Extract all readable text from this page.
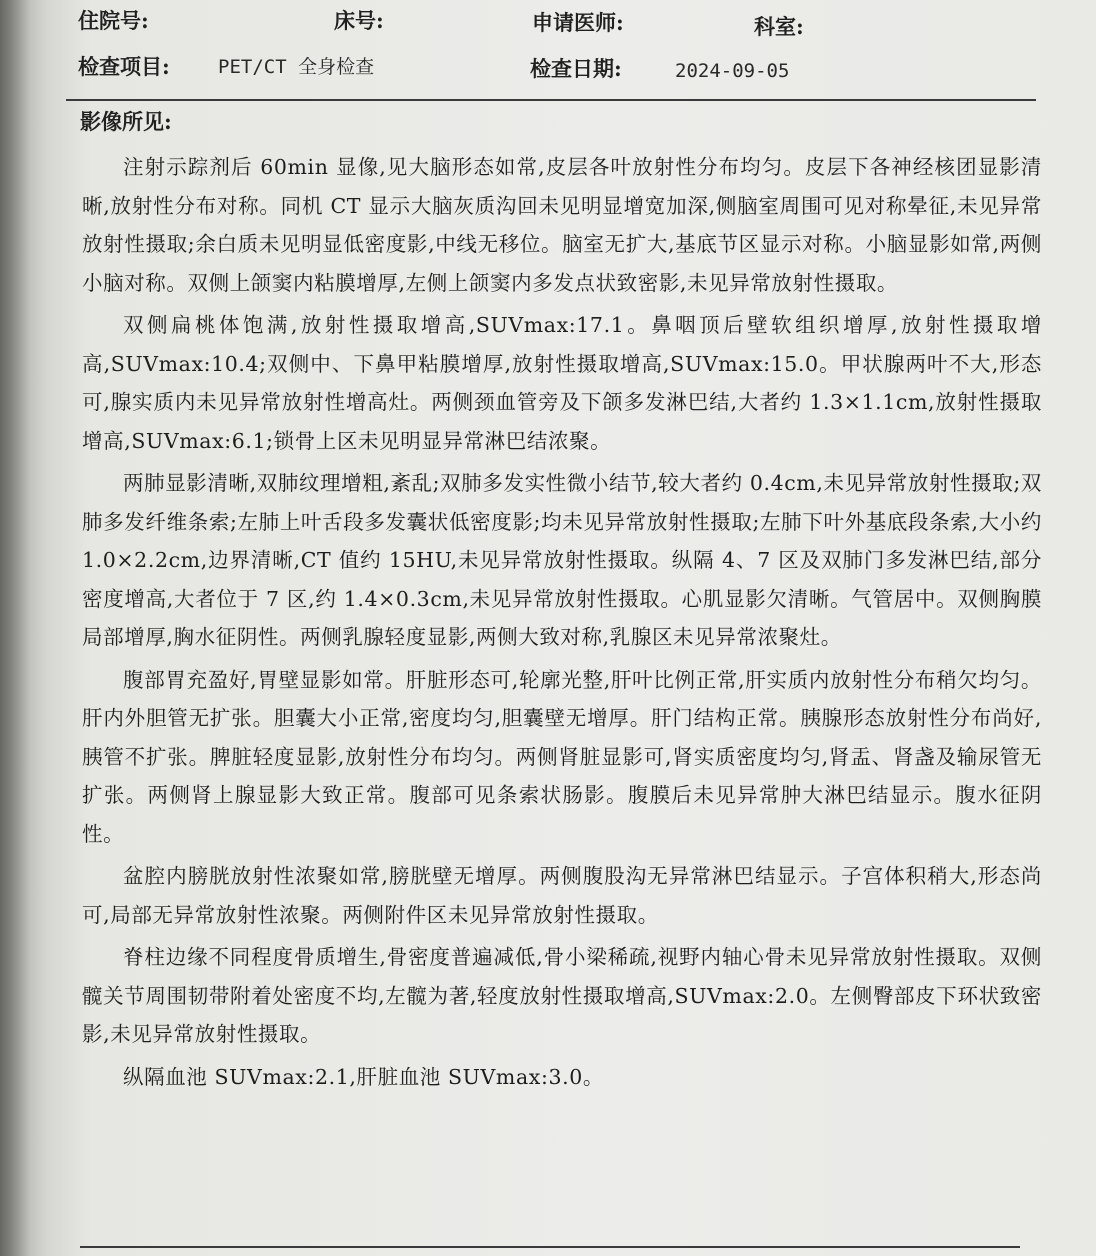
住院号:	床号:	申请医师:	科室:
检查项目:	PET/CT 全身检查	检查日期:	2024-09-05
影像所见:

注射示踪剂后 60min 显像,见大脑形态如常,皮层各叶放射性分布均匀。皮层下各神经核团显影清晰,放射性分布对称。同机 CT 显示大脑灰质沟回未见明显增宽加深,侧脑室周围可见对称晕征,未见异常放射性摄取;余白质未见明显低密度影,中线无移位。脑室无扩大,基底节区显示对称。小脑显影如常,两侧小脑对称。双侧上颌窦内粘膜增厚,左侧上颌窦内多发点状致密影,未见异常放射性摄取。

双侧扁桃体饱满,放射性摄取增高,SUVmax:17.1。鼻咽顶后壁软组织增厚,放射性摄取增高,SUVmax:10.4;双侧中、下鼻甲粘膜增厚,放射性摄取增高,SUVmax:15.0。甲状腺两叶不大,形态可,腺实质内未见异常放射性增高灶。两侧颈血管旁及下颌多发淋巴结,大者约 1.3×1.1cm,放射性摄取增高,SUVmax:6.1;锁骨上区未见明显异常淋巴结浓聚。

两肺显影清晰,双肺纹理增粗,紊乱;双肺多发实性微小结节,较大者约 0.4cm,未见异常放射性摄取;双肺多发纤维条索;左肺上叶舌段多发囊状低密度影;均未见异常放射性摄取;左肺下叶外基底段条索,大小约 1.0×2.2cm,边界清晰,CT 值约 15HU,未见异常放射性摄取。纵隔 4、7 区及双肺门多发淋巴结,部分密度增高,大者位于 7 区,约 1.4×0.3cm,未见异常放射性摄取。心肌显影欠清晰。气管居中。双侧胸膜局部增厚,胸水征阴性。两侧乳腺轻度显影,两侧大致对称,乳腺区未见异常浓聚灶。

腹部胃充盈好,胃壁显影如常。肝脏形态可,轮廓光整,肝叶比例正常,肝实质内放射性分布稍欠均匀。肝内外胆管无扩张。胆囊大小正常,密度均匀,胆囊壁无增厚。肝门结构正常。胰腺形态放射性分布尚好,胰管不扩张。脾脏轻度显影,放射性分布均匀。两侧肾脏显影可,肾实质密度均匀,肾盂、肾盏及输尿管无扩张。两侧肾上腺显影大致正常。腹部可见条索状肠影。腹膜后未见异常肿大淋巴结显示。腹水征阴性。

盆腔内膀胱放射性浓聚如常,膀胱壁无增厚。两侧腹股沟无异常淋巴结显示。子宫体积稍大,形态尚可,局部无异常放射性浓聚。两侧附件区未见异常放射性摄取。

脊柱边缘不同程度骨质增生,骨密度普遍减低,骨小梁稀疏,视野内轴心骨未见异常放射性摄取。双侧髋关节周围韧带附着处密度不均,左髋为著,轻度放射性摄取增高,SUVmax:2.0。左侧臀部皮下环状致密影,未见异常放射性摄取。

纵隔血池 SUVmax:2.1,肝脏血池 SUVmax:3.0。
